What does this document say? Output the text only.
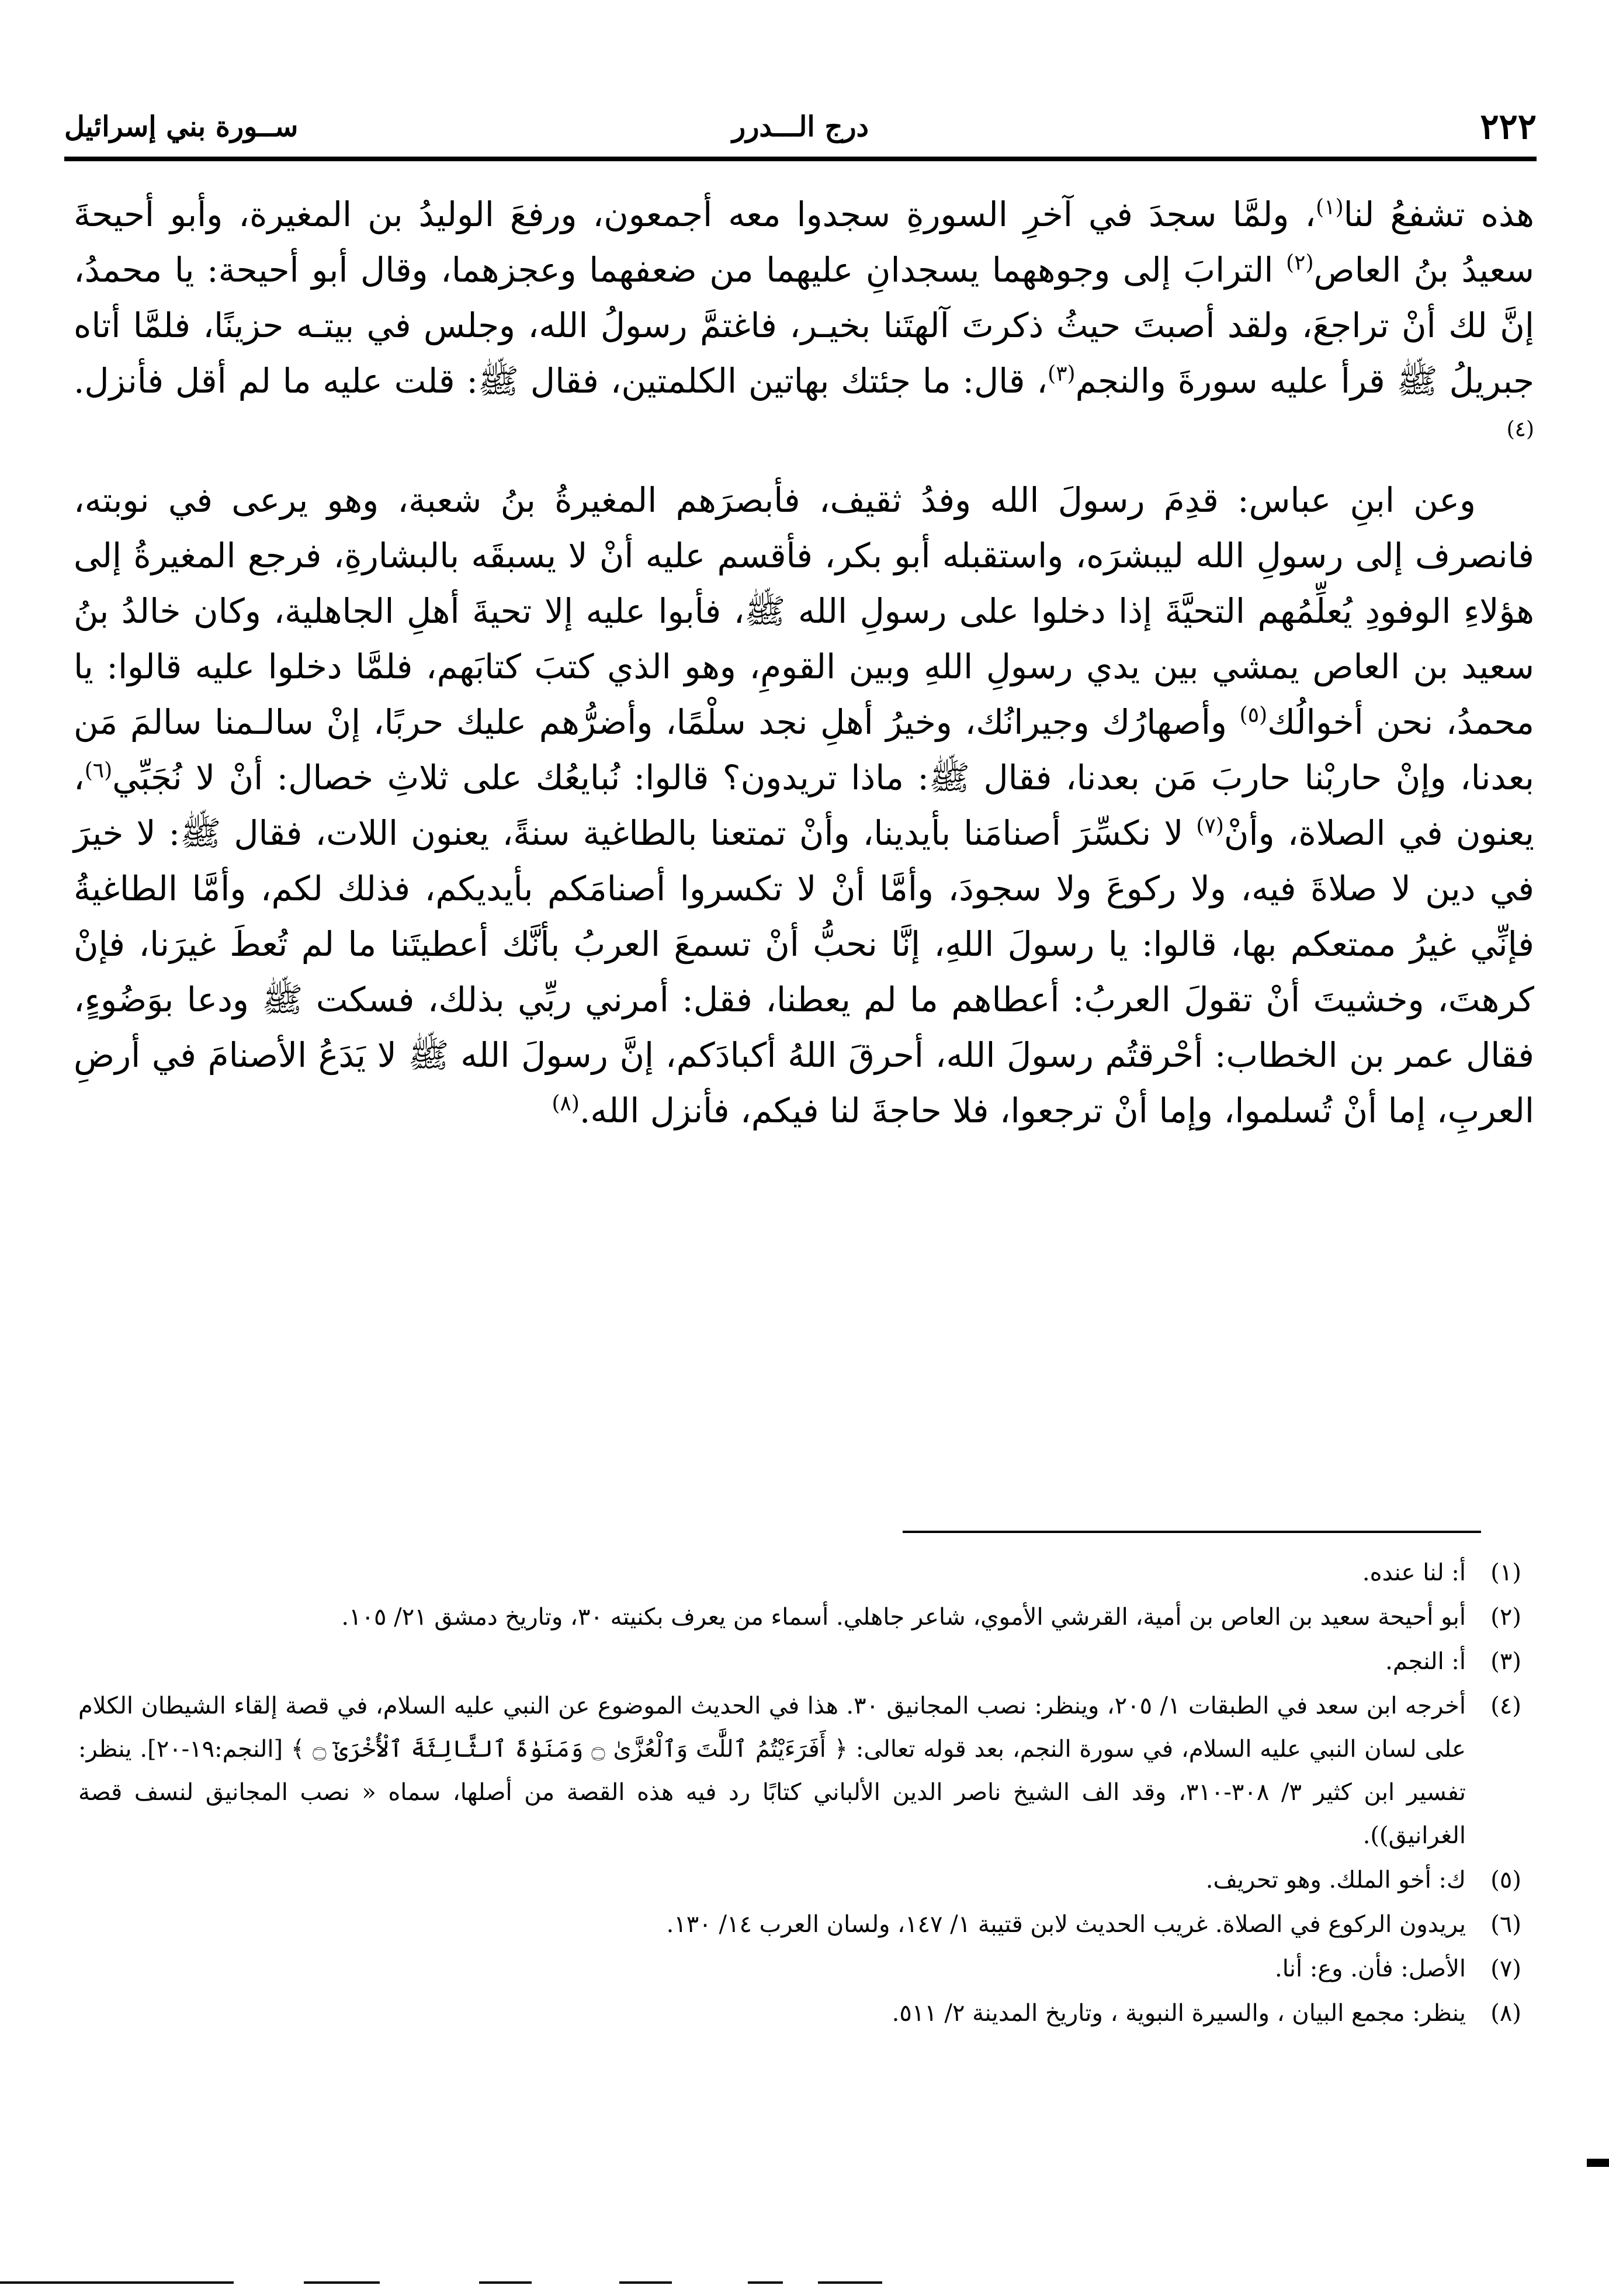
٢٢٢
درج الـــدرر
ســورة بني إسرائيل

هذه تشفعُ لنا$^{(١)}$، ولمَّا سجدَ في آخرِ السورةِ سجدوا معه أجمعون، ورفعَ الوليدُ بن المغيرة، وأبو أحيحةَ سعيدُ بنُ العاص$^{(٢)}$ الترابَ إلى وجوههما يسجدانِ عليهما من ضعفهما وعجزهما، وقال أبو أحيحة: يا محمدُ، إنَّ لك أنْ تراجعَ، ولقد أصبتَ حيثُ ذكرتَ آلهتَنا بخيـر، فاغتمَّ رسولُ الله، وجلس في بيتـه حزينًا، فلمَّا أتاه جبريلُ ﷺ قرأ عليه سورةَ والنجم$^{(٣)}$، قال: ما جئتك بهاتين الكلمتين، فقال ﷺ: قلت عليه ما لم أقل فأنزل.$^{(٤)}$

وعن ابنِ عباس: قدِمَ رسولَ الله وفدُ ثقيف، فأبصرَهم المغيرةُ بنُ شعبة، وهو يرعى في نوبته، فانصرف إلى رسولِ الله ليبشرَه، واستقبله أبو بكر، فأقسم عليه أنْ لا يسبقَه بالبشارةِ، فرجع المغيرةُ إلى هؤلاءِ الوفودِ يُعلِّمُهم التحيَّةَ إذا دخلوا على رسولِ الله ﷺ، فأبوا عليه إلا تحيةَ أهلِ الجاهلية، وكان خالدُ بنُ سعيد بن العاص يمشي بين يدي رسولِ اللهِ وبين القومِ، وهو الذي كتبَ كتابَهم، فلمَّا دخلوا عليه قالوا: يا محمدُ، نحن أخوالُك$^{(٥)}$ وأصهارُك وجيرانُك، وخيرُ أهلِ نجد سلْمًا، وأضرُّهم عليك حربًا، إنْ سالـمنا سالمَ مَن بعدنا، وإنْ حاربْنا حاربَ مَن بعدنا، فقال ﷺ: ماذا تريدون؟ قالوا: نُبايعُك على ثلاثِ خصال: أنْ لا نُجَبِّي$^{(٦)}$، يعنون في الصلاة، وأنْ$^{(٧)}$ لا نكسِّرَ أصنامَنا بأيدينا، وأنْ تمتعنا بالطاغية سنةً، يعنون اللات، فقال ﷺ: لا خيرَ في دين لا صلاةَ فيه، ولا ركوعَ ولا سجودَ، وأمَّا أنْ لا تكسروا أصنامَكم بأيديكم، فذلك لكم، وأمَّا الطاغيةُ فإنِّي غيرُ ممتعكم بها، قالوا: يا رسولَ اللهِ، إنَّا نحبُّ أنْ تسمعَ العربُ بأنَّك أعطيتَنا ما لم تُعطَ غيرَنا، فإنْ كرهتَ، وخشيتَ أنْ تقولَ العربُ: أعطاهم ما لم يعطنا، فقل: أمرني ربِّي بذلك، فسكت ﷺ ودعا بوَضُوءٍ، فقال عمر بن الخطاب: أحْرقتُم رسولَ الله، أحرقَ اللهُ أكبادَكم، إنَّ رسولَ الله ﷺ لا يَدَعُ الأصنامَ في أرضِ العربِ، إما أنْ تُسلموا، وإما أنْ ترجعوا، فلا حاجةَ لنا فيكم، فأنزل الله.$^{(٨)}$

(١)
أ: لنا عنده.
(٢)
أبو أحيحة سعيد بن العاص بن أمية، القرشي الأموي، شاعر جاهلي. أسماء من يعرف بكنيته ٣٠، وتاريخ دمشق ٢١/ ١٠٥.
(٣)
أ: النجم.
(٤)
أخرجه ابن سعد في الطبقات ١/ ٢٠٥، وينظر: نصب المجانيق ٣٠. هذا في الحديث الموضوع عن النبي عليه السلام، في قصة إلقاء الشيطان الكلام على لسان النبي عليه السلام، في سورة النجم، بعد قوله تعالى: ﴿ أَفَرَءَيْتُمُ ٱللَّٰتَ وَٱلْعُزَّىٰ ۝ وَمَنَوٰةَ ٱلثَّالِثَةَ ٱلْأُخْرَىٰٓ ۝ ﴾ [النجم:١٩-٢٠]. ينظر: تفسير ابن كثير ٣/ ٣٠٨-٣١٠، وقد الف الشيخ ناصر الدين الألباني كتابًا رد فيه هذه القصة من أصلها، سماه « نصب المجانيق لنسف قصة الغرانيق)).
(٥)
ك: أخو الملك. وهو تحريف.
(٦)
يريدون الركوع في الصلاة. غريب الحديث لابن قتيبة ١/ ١٤٧، ولسان العرب ١٤/ ١٣٠.
(٧)
الأصل: فأن. وع: أنا.
(٨)
ينظر: مجمع البيان ، والسيرة النبوية ، وتاريخ المدينة ٢/ ٥١١.
